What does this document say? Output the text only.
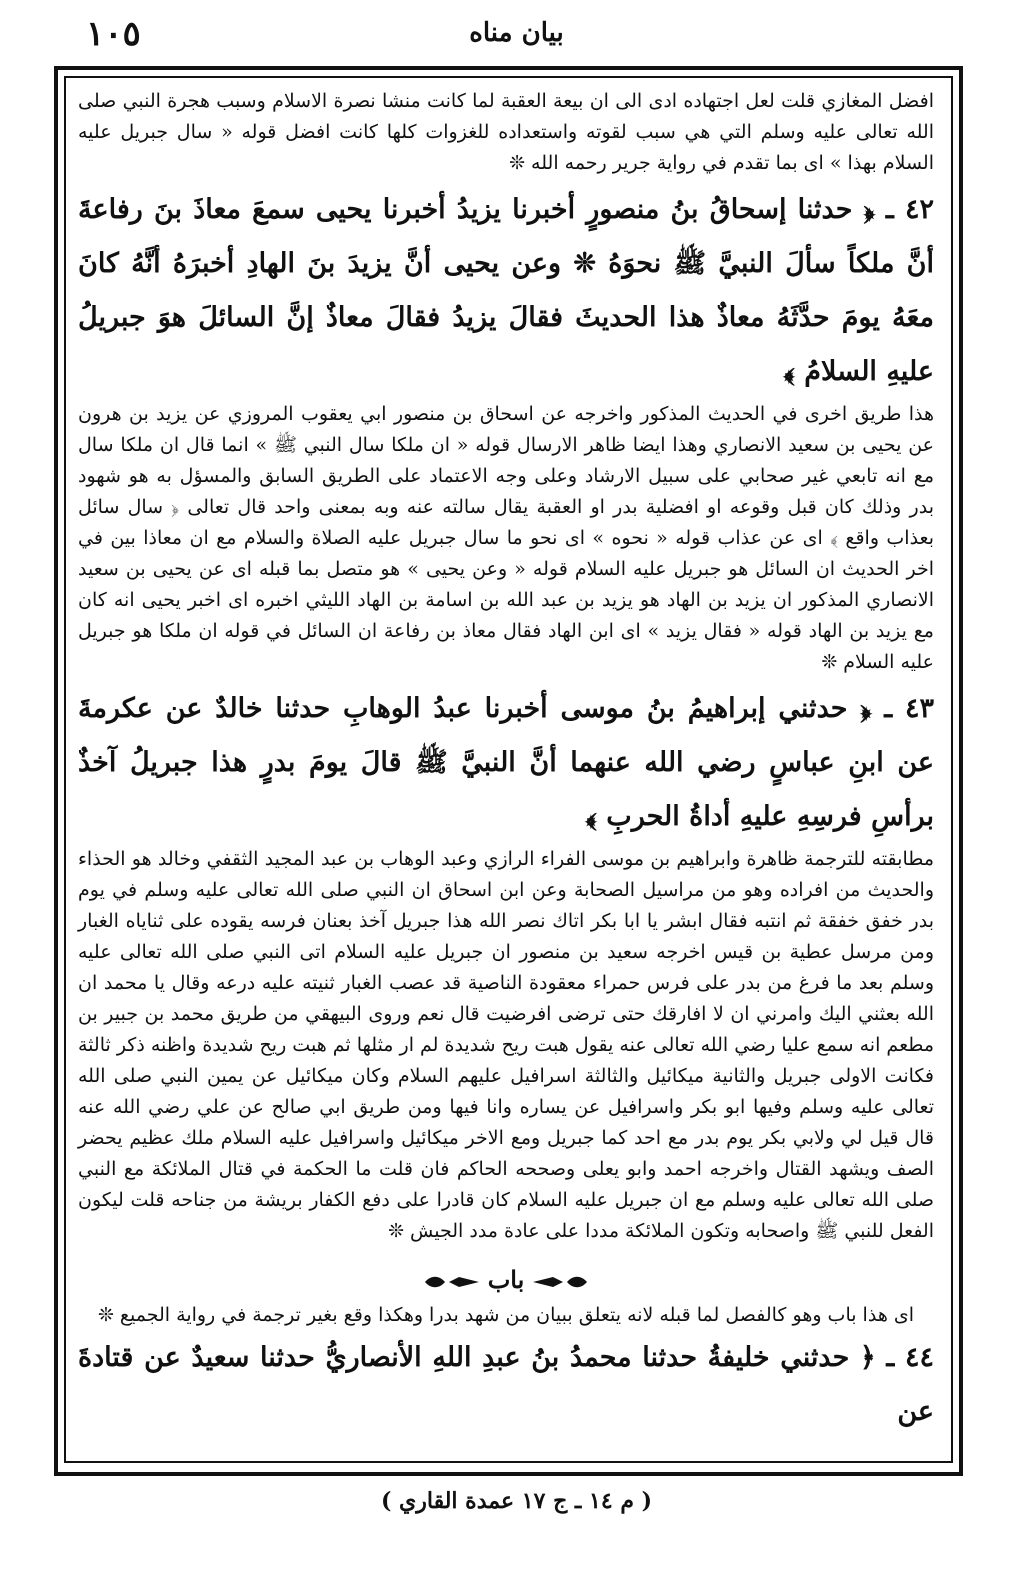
١٠٥	بيان مناه

افضل المغازي قلت لعل اجتهاده ادى الى ان بيعة العقبة لما كانت منشا نصرة الاسلام وسبب هجرة النبي صلى الله تعالى عليه وسلم التي هي سبب لقوته واستعداده للغزوات كلها كانت افضل قوله « سال جبريل عليه السلام بهذا » اى بما تقدم في رواية جرير رحمه الله ❊

٤٢ ـ ﴿ حدثنا إسحاقُ بنُ منصورٍ أخبرنا يزيدُ أخبرنا يحيى سمعَ معاذَ بنَ رفاعةَ أنَّ ملكاً سألَ النبيَّ ﷺ نحوَهُ ❊ وعن يحيى أنَّ يزيدَ بنَ الهادِ أخبرَهُ أنَّهُ كانَ معَهُ يومَ حدَّثَهُ معاذٌ هذا الحديثَ فقالَ يزيدُ فقالَ معاذٌ إنَّ السائلَ هوَ جبريلُ عليهِ السلامُ ﴾

هذا طريق اخرى في الحديث المذكور واخرجه عن اسحاق بن منصور ابي يعقوب المروزي عن يزيد بن هرون عن يحيى بن سعيد الانصاري وهذا ايضا ظاهر الارسال قوله « ان ملكا سال النبي ﷺ » انما قال ان ملكا سال مع انه تابعي غير صحابي على سبيل الارشاد وعلى وجه الاعتماد على الطريق السابق والمسؤل به هو شهود بدر وذلك كان قبل وقوعه او افضلية بدر او العقبة يقال سالته عنه وبه بمعنى واحد قال تعالى ﴿ سال سائل بعذاب واقع ﴾ اى عن عذاب قوله « نحوه » اى نحو ما سال جبريل عليه الصلاة والسلام مع ان معاذا بين في اخر الحديث ان السائل هو جبريل عليه السلام قوله « وعن يحيى » هو متصل بما قبله اى عن يحيى بن سعيد الانصاري المذكور ان يزيد بن الهاد هو يزيد بن عبد الله بن اسامة بن الهاد الليثي اخبره اى اخبر يحيى انه كان مع يزيد بن الهاد قوله « فقال يزيد » اى ابن الهاد فقال معاذ بن رفاعة ان السائل في قوله ان ملكا هو جبريل عليه السلام ❊

٤٣ ـ ﴿ حدثني إبراهيمُ بنُ موسى أخبرنا عبدُ الوهابِ حدثنا خالدٌ عن عكرمةَ عن ابنِ عباسٍ رضي الله عنهما أنَّ النبيَّ ﷺ قالَ يومَ بدرٍ هذا جبريلُ آخذٌ برأسِ فرسِهِ عليهِ أداةُ الحربِ ﴾

مطابقته للترجمة ظاهرة وابراهيم بن موسى الفراء الرازي وعبد الوهاب بن عبد المجيد الثقفي وخالد هو الحذاء والحديث من افراده وهو من مراسيل الصحابة وعن ابن اسحاق ان النبي صلى الله تعالى عليه وسلم في يوم بدر خفق خفقة ثم انتبه فقال ابشر يا ابا بكر اتاك نصر الله هذا جبريل آخذ بعنان فرسه يقوده على ثناياه الغبار ومن مرسل عطية بن قيس اخرجه سعيد بن منصور ان جبريل عليه السلام اتى النبي صلى الله تعالى عليه وسلم بعد ما فرغ من بدر على فرس حمراء معقودة الناصية قد عصب الغبار ثنيته عليه درعه وقال يا محمد ان الله بعثني اليك وامرني ان لا افارقك حتى ترضى افرضيت قال نعم وروى البيهقي من طريق محمد بن جبير بن مطعم انه سمع عليا رضي الله تعالى عنه يقول هبت ريح شديدة لم ار مثلها ثم هبت ريح شديدة واظنه ذكر ثالثة فكانت الاولى جبريل والثانية ميكائيل والثالثة اسرافيل عليهم السلام وكان ميكائيل عن يمين النبي صلى الله تعالى عليه وسلم وفيها ابو بكر واسرافيل عن يساره وانا فيها ومن طريق ابي صالح عن علي رضي الله عنه قال قيل لي ولابي بكر يوم بدر مع احد كما جبريل ومع الاخر ميكائيل واسرافيل عليه السلام ملك عظيم يحضر الصف ويشهد القتال واخرجه احمد وابو يعلى وصححه الحاكم فان قلت ما الحكمة في قتال الملائكة مع النبي صلى الله تعالى عليه وسلم مع ان جبريل عليه السلام كان قادرا على دفع الكفار بريشة من جناحه قلت ليكون الفعل للنبي ﷺ واصحابه وتكون الملائكة مددا على عادة مدد الجيش ❊

باب

اى هذا باب وهو كالفصل لما قبله لانه يتعلق ببيان من شهد بدرا وهكذا وقع بغير ترجمة في رواية الجميع ❊

٤٤ ـ ﴿ حدثني خليفةُ حدثنا محمدُ بنُ عبدِ اللهِ الأنصاريُّ حدثنا سعيدٌ عن قتادةَ عن

( م ١٤ ـ ج ١٧ عمدة القاري )
